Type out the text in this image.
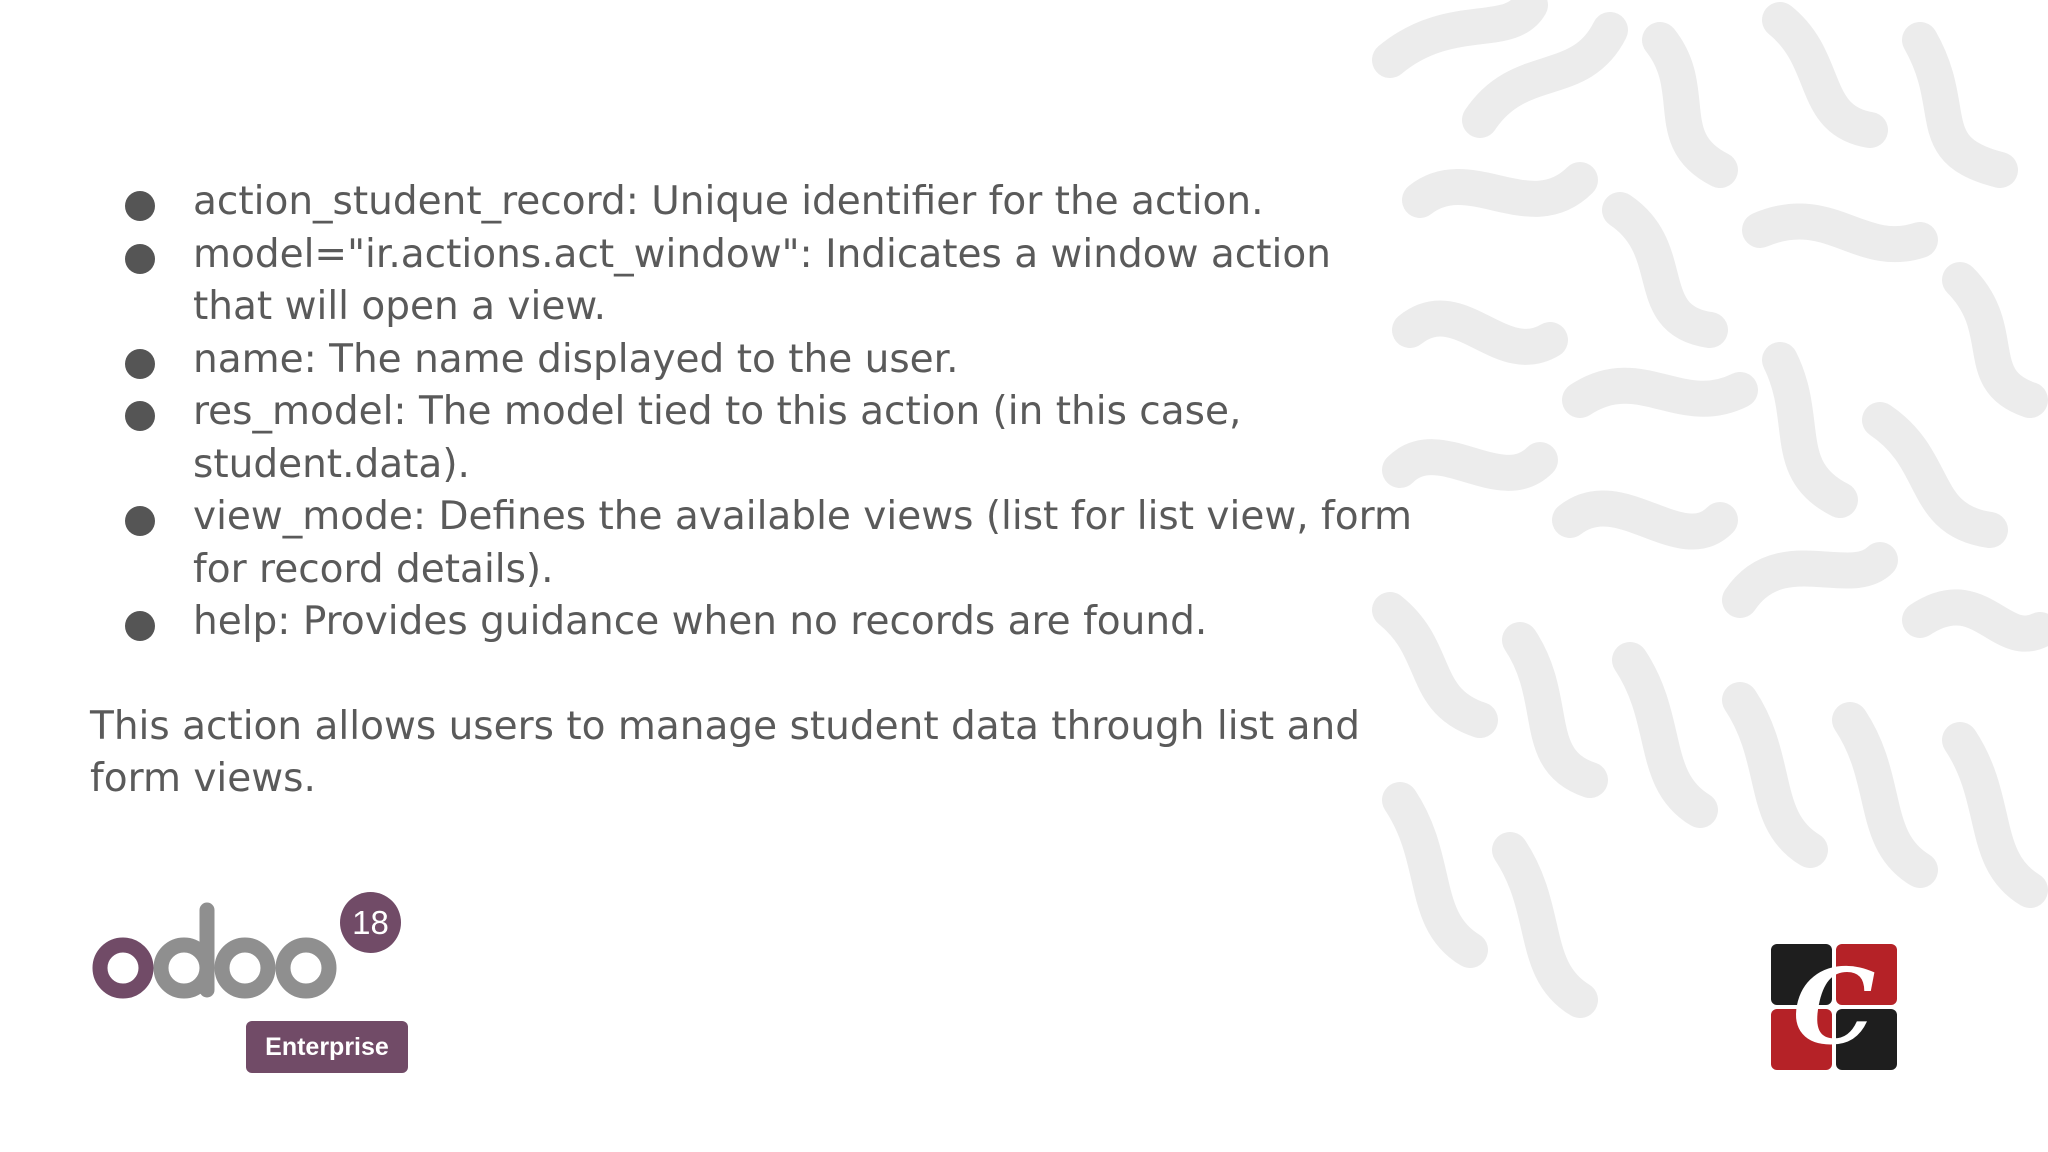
action_student_record: Unique identifier for the action.
model="ir.actions.act_window": Indicates a window action that will open a view.
name: The name displayed to the user.
res_model: The model tied to this action (in this case, student.data).
view_mode: Defines the available views (list for list view, form for record details).
help: Provides guidance when no records are found.

This action allows users to manage student data through list and form views.

18
Enterprise	C
